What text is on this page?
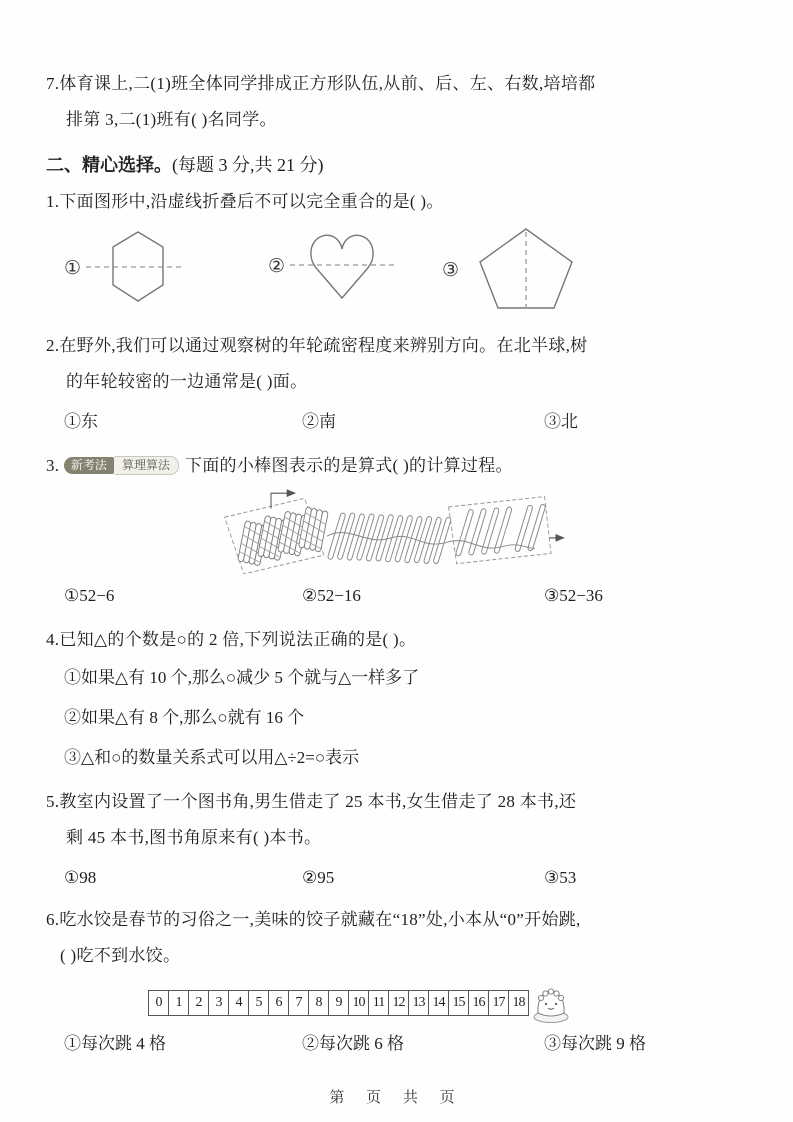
7.体育课上,二(1)班全体同学排成正方形队伍,从前、后、左、右数,培培都
排第 3,二(1)班有( )名同学。
二、精心选择。(每题 3 分,共 21 分)
1.下面图形中,沿虚线折叠后不可以完全重合的是( )。
①	②	③
2.在野外,我们可以通过观察树的年轮疏密程度来辨别方向。在北半球,树
的年轮较密的一边通常是( )面。
①东	②南	③北
3. 新考法 算理算法 下面的小棒图表示的是算式( )的计算过程。
①52−6	②52−16	③52−36
4.已知△的个数是○的 2 倍,下列说法正确的是( )。
①如果△有 10 个,那么○减少 5 个就与△一样多了
②如果△有 8 个,那么○就有 16 个
③△和○的数量关系式可以用△÷2=○表示
5.教室内设置了一个图书角,男生借走了 25 本书,女生借走了 28 本书,还
剩 45 本书,图书角原来有( )本书。
①98	②95	③53
6.吃水饺是春节的习俗之一,美味的饺子就藏在“18”处,小本从“0”开始跳,
( )吃不到水饺。
0	1	2	3	4	5	6	7	8	9 10 11 12 13 14 15 16 17 18
①每次跳 4 格	②每次跳 6 格	③每次跳 9 格
第 页 共 页
